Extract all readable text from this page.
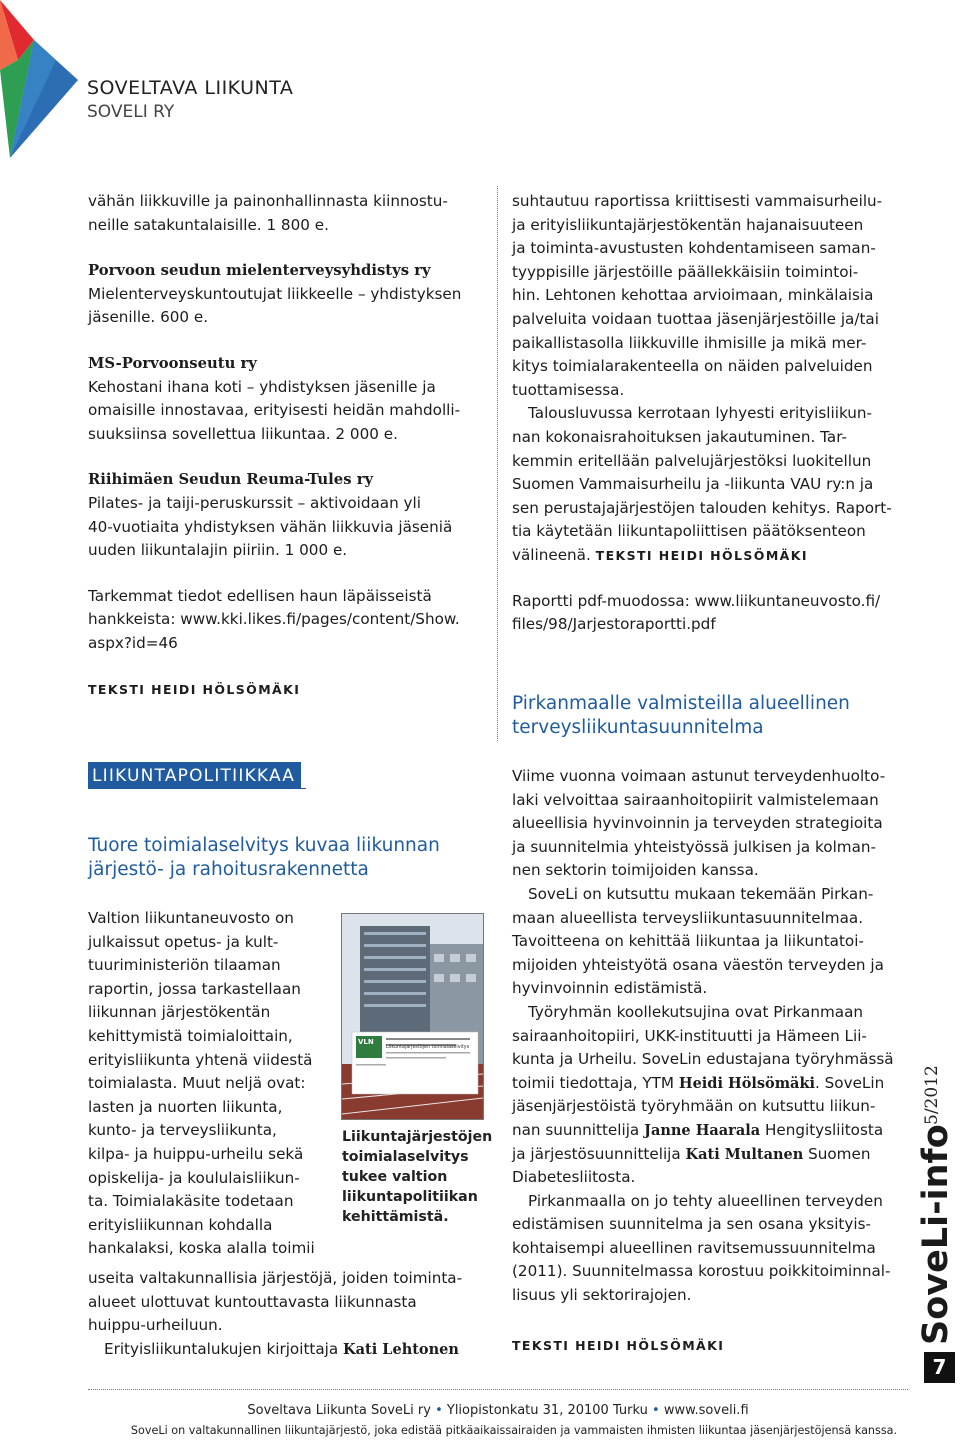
SOVELTAVA LIIKUNTA
SOVELI RY

vähän liikkuville ja painonhallinnasta kiinnostu-

neille satakuntalaisille. 1 800 e.

Porvoon seudun mielenterveysyhdistys ry

Mielenterveyskuntoutujat liikkeelle – yhdistyksen

jäsenille. 600 e.

MS-Porvoonseutu ry

Kehostani ihana koti – yhdistyksen jäsenille ja

omaisille innostavaa, erityisesti heidän mahdolli-

suuksiinsa sovellettua liikuntaa. 2 000 e.

Riihimäen Seudun Reuma-Tules ry

Pilates- ja taiji-peruskurssit – aktivoidaan yli

40-vuotiaita yhdistyksen vähän liikkuvia jäseniä

uuden liikuntalajin piiriin. 1 000 e.

Tarkemmat tiedot edellisen haun läpäisseistä

hankkeista: www.kki.likes.fi/pages/content/Show.

aspx?id=46

TEKSTI HEIDI HÖLSÖMÄKI

LIIKUNTAPOLITIIKKAA
Tuore toimialaselvitys kuvaa liikunnan
järjestö- ja rahoitusrakennetta

Valtion liikuntaneuvosto on

julkaissut opetus- ja kult-

tuuriministeriön tilaaman

raportin, jossa tarkastellaan

liikunnan järjestökentän

kehittymistä toimialoittain,

erityisliikunta yhtenä viidestä

toimialasta. Muut neljä ovat:

lasten ja nuorten liikunta,

kunto- ja terveysliikunta,

kilpa- ja huippu-urheilu sekä

opiskelija- ja koululaisliikun-

ta. Toimialakäsite todetaan

erityisliikunnan kohdalla

hankalaksi, koska alalla toimii

useita valtakunnallisia järjestöjä, joiden toiminta-

alueet ulottuvat kuntouttavasta liikunnasta

huippu-urheiluun.

Erityisliikuntalukujen kirjoittaja Kati Lehtonen

VLN
Liikuntajärjestöjen toimialaselvitys
Liikuntajärjestöjen
toimialaselvitys
tukee valtion
liikuntapolitiikan
kehittämistä.

suhtautuu raportissa kriittisesti vammaisurheilu-

ja erityisliikuntajärjestökentän hajanaisuuteen

ja toiminta-avustusten kohdentamiseen saman-

tyyppisille järjestöille päällekkäisiin toimintoi-

hin. Lehtonen kehottaa arvioimaan, minkälaisia

palveluita voidaan tuottaa jäsenjärjestöille ja/tai

paikallistasolla liikkuville ihmisille ja mikä mer-

kitys toimialarakenteella on näiden palveluiden

tuottamisessa.

Talousluvussa kerrotaan lyhyesti erityisliikun-

nan kokonaisrahoituksen jakautuminen. Tar-

kemmin eritellään palvelujärjestöksi luokitellun

Suomen Vammaisurheilu ja -liikunta VAU ry:n ja

sen perustajajärjestöjen talouden kehitys. Raport-

tia käytetään liikuntapoliittisen päätöksenteon

välineenä. TEKSTI HEIDI HÖLSÖMÄKI

Raportti pdf-muodossa: www.liikuntaneuvosto.fi/

files/98/Jarjestoraportti.pdf

Pirkanmaalle valmisteilla alueellinen
terveysliikuntasuunnitelma

Viime vuonna voimaan astunut terveydenhuolto-

laki velvoittaa sairaanhoitopiirit valmistelemaan

alueellisia hyvinvoinnin ja terveyden strategioita

ja suunnitelmia yhteistyössä julkisen ja kolman-

nen sektorin toimijoiden kanssa.

SoveLi on kutsuttu mukaan tekemään Pirkan-

maan alueellista terveysliikuntasuunnitelmaa.

Tavoitteena on kehittää liikuntaa ja liikuntatoi-

mijoiden yhteistyötä osana väestön terveyden ja

hyvinvoinnin edistämistä.

Työryhmän koollekutsujina ovat Pirkanmaan

sairaanhoitopiiri, UKK-instituutti ja Hämeen Lii-

kunta ja Urheilu. SoveLin edustajana työryhmässä

toimii tiedottaja, YTM Heidi Hölsömäki. SoveLin

jäsenjärjestöistä työryhmään on kutsuttu liikun-

nan suunnittelija Janne Haarala Hengitysliitosta

ja järjestösuunnittelija Kati Multanen Suomen

Diabetesliitosta.

Pirkanmaalla on jo tehty alueellinen terveyden

edistämisen suunnitelma ja sen osana yksityis-

kohtaisempi alueellinen ravitsemussuunnitelma

(2011). Suunnitelmassa korostuu poikkitoiminnal-

lisuus yli sektorirajojen.

TEKSTI HEIDI HÖLSÖMÄKI

5/2012
SoveLi-info
7
Soveltava Liikunta SoveLi ry • Yliopistonkatu 31, 20100 Turku • www.soveli.fi
SoveLi on valtakunnallinen liikuntajärjestö, joka edistää pitkäaikaissairaiden ja vammaisten ihmisten liikuntaa jäsenjärjestöjensä kanssa.
